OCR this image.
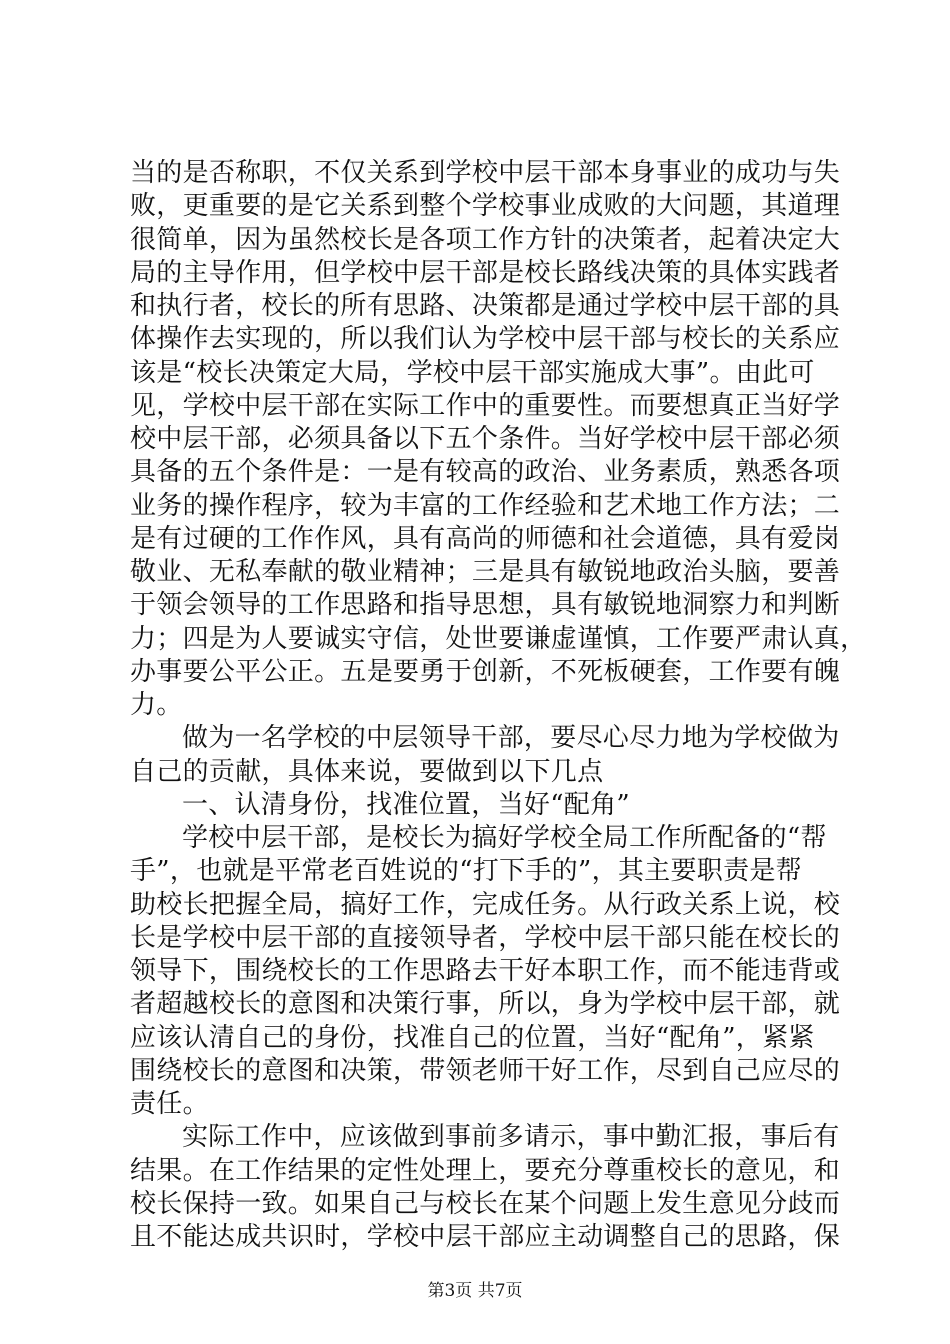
当的是否称职，不仅关系到学校中层干部本身事业的成功与失
败，更重要的是它关系到整个学校事业成败的大问题，其道理
很简单，因为虽然校长是各项工作方针的决策者，起着决定大
局的主导作用，但学校中层干部是校长路线决策的具体实践者
和执行者，校长的所有思路、决策都是通过学校中层干部的具
体操作去实现的，所以我们认为学校中层干部与校长的关系应
该是“校长决策定大局，学校中层干部实施成大事”。由此可
见，学校中层干部在实际工作中的重要性。而要想真正当好学
校中层干部，必须具备以下五个条件。当好学校中层干部必须
具备的五个条件是：一是有较高的政治、业务素质，熟悉各项
业务的操作程序，较为丰富的工作经验和艺术地工作方法；二
是有过硬的工作作风，具有高尚的师德和社会道德，具有爱岗
敬业、无私奉献的敬业精神；三是具有敏锐地政治头脑，要善
于领会领导的工作思路和指导思想，具有敏锐地洞察力和判断
力；四是为人要诚实守信，处世要谦虚谨慎，工作要严肃认真，
办事要公平公正。五是要勇于创新，不死板硬套，工作要有魄
力。
做为一名学校的中层领导干部，要尽心尽力地为学校做为
自己的贡献，具体来说，要做到以下几点
一、认清身份，找准位置，当好“配角”
学校中层干部，是校长为搞好学校全局工作所配备的“帮
手”，也就是平常老百姓说的“打下手的”，其主要职责是帮
助校长把握全局，搞好工作，完成任务。从行政关系上说，校
长是学校中层干部的直接领导者，学校中层干部只能在校长的
领导下，围绕校长的工作思路去干好本职工作，而不能违背或
者超越校长的意图和决策行事，所以，身为学校中层干部，就
应该认清自己的身份，找准自己的位置，当好“配角”，紧紧
围绕校长的意图和决策，带领老师干好工作，尽到自己应尽的
责任。
实际工作中，应该做到事前多请示，事中勤汇报，事后有
结果。在工作结果的定性处理上，要充分尊重校长的意见，和
校长保持一致。如果自己与校长在某个问题上发生意见分歧而
且不能达成共识时，学校中层干部应主动调整自己的思路，保
第3页 共7页
